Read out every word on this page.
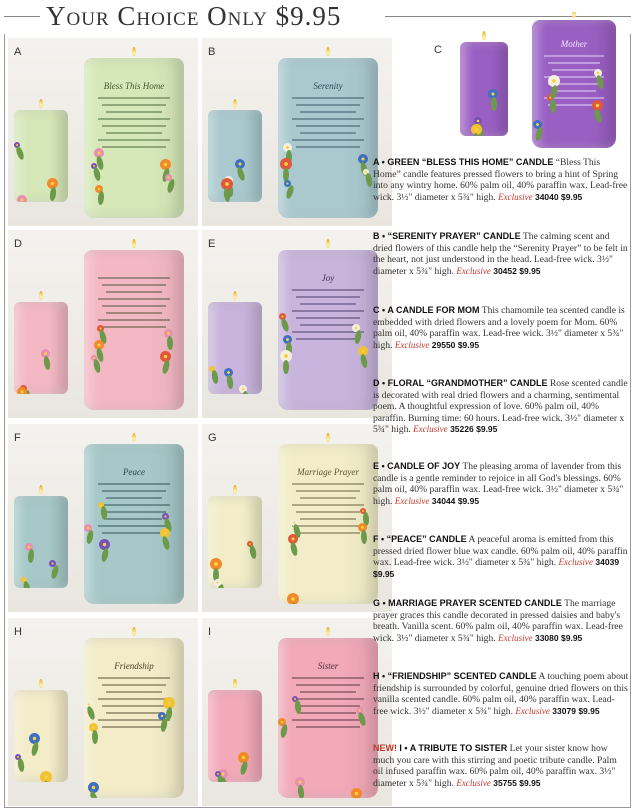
Your Choice Only $9.95
A
Bless This Home
B
Serenity
D	E
Joy
F
Peace
G
Marriage Prayer
H
Friendship
I
Sister
C
Mother
A • GREEN “BLESS THIS HOME” CANDLE “Bless This Home” candle features pressed flowers to bring a hint of Spring into any wintry home. 60% palm oil, 40% paraffin wax. Lead-free wick. 3½" diameter x 5¾" high. Exclusive 34040 $9.95
B • “SERENITY PRAYER” CANDLE The calming scent and dried flowers of this candle help the “Serenity Prayer” to be felt in the heart, not just understood in the head. Lead-free wick. 3½" diameter x 5¾" high. Exclusive 30452 $9.95
C • A CANDLE FOR MOM This chamomile tea scented candle is embedded with dried flowers and a lovely poem for Mom. 60% palm oil, 40% paraffin wax. Lead-free wick. 3½" diameter x 5¾" high. Exclusive 29550 $9.95
D • FLORAL “GRANDMOTHER” CANDLE Rose scented candle is decorated with real dried flowers and a charming, sentimental poem. A thoughtful expression of love. 60% palm oil, 40% paraffin. Burning time: 60 hours. Lead-free wick. 3½" diameter x 5¾" high. Exclusive 35226 $9.95
E • CANDLE OF JOY The pleasing aroma of lavender from this candle is a gentle reminder to rejoice in all God's blessings. 60% palm oil, 40% paraffin wax. Lead-free wick. 3½" diameter x 5¾" high. Exclusive 34044 $9.95
F • “PEACE” CANDLE A peaceful aroma is emitted from this pressed dried flower blue wax candle. 60% palm oil, 40% paraffin wax. Lead-free wick. 3½" diameter x 5¾" high. Exclusive 34039 $9.95
G • MARRIAGE PRAYER SCENTED CANDLE The marriage prayer graces this candle decorated in pressed daisies and baby's breath. Vanilla scent. 60% palm oil, 40% paraffin wax. Lead-free wick. 3½" diameter x 5¾" high. Exclusive 33080 $9.95
H • “FRIENDSHIP” SCENTED CANDLE A touching poem about friendship is surrounded by colorful, genuine dried flowers on this vanilla scented candle. 60% palm oil, 40% paraffin wax. Lead-free wick. 3½" diameter x 5¾" high. Exclusive 33079 $9.95
NEW! I • A TRIBUTE TO SISTER Let your sister know how much you care with this stirring and poetic tribute candle. Palm oil infused paraffin wax. 60% palm oil, 40% paraffin wax. 3½" diameter x 5¾" high. Exclusive 35755 $9.95
